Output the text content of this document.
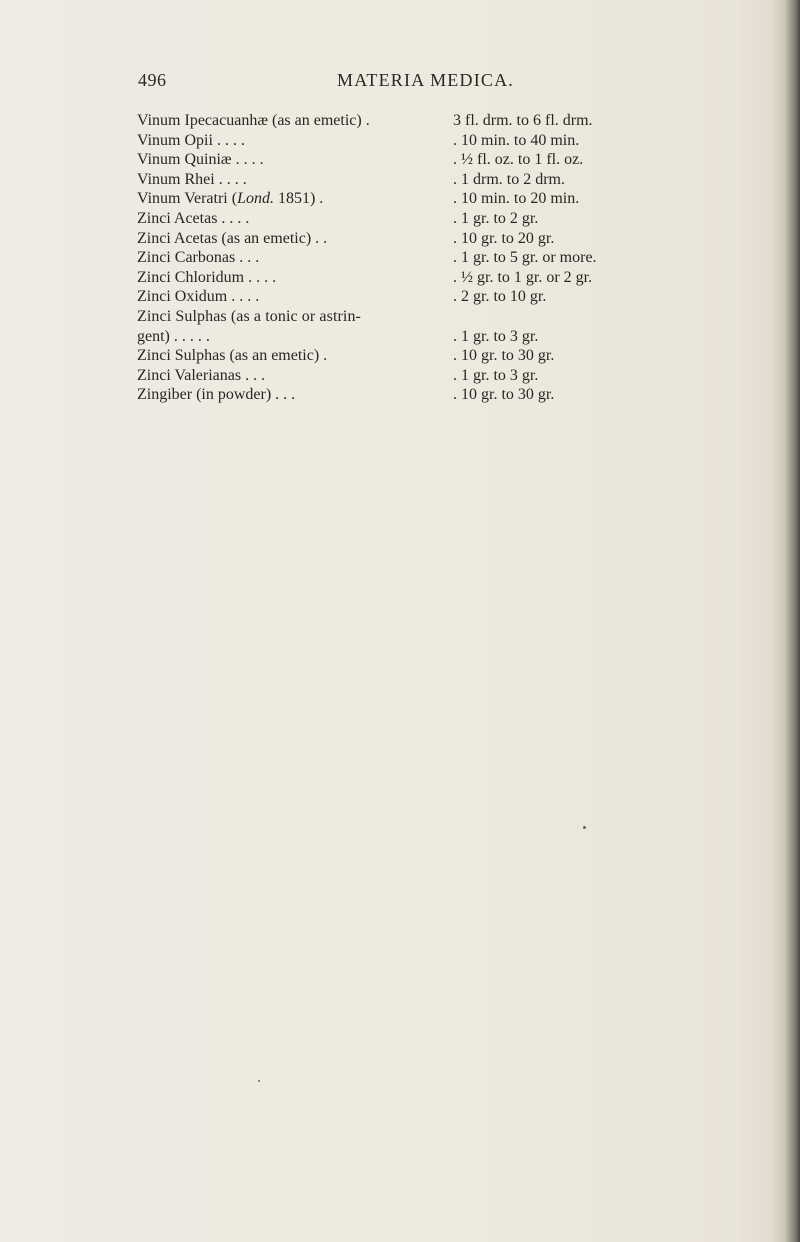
496	MATERIA MEDICA.
Vinum Ipecacuanhæ (as an emetic) .	3 fl. drm. to 6 fl. drm.
Vinum Opii . . . .	. 10 min. to 40 min.
Vinum Quiniæ . . . .	. ½ fl. oz. to 1 fl. oz.
Vinum Rhei . . . .	. 1 drm. to 2 drm.
Vinum Veratri (Lond. 1851) .	. 10 min. to 20 min.
Zinci Acetas . . . .	. 1 gr. to 2 gr.
Zinci Acetas (as an emetic) . .	. 10 gr. to 20 gr.
Zinci Carbonas . . .	. 1 gr. to 5 gr. or more.
Zinci Chloridum . . . .	. ½ gr. to 1 gr. or 2 gr.
Zinci Oxidum . . . .	. 2 gr. to 10 gr.
Zinci Sulphas (as a tonic or astrin-
gent) . . . . .	. 1 gr. to 3 gr.
Zinci Sulphas (as an emetic) .	. 10 gr. to 30 gr.
Zinci Valerianas . . .	. 1 gr. to 3 gr.
Zingiber (in powder) . . .	. 10 gr. to 30 gr.
